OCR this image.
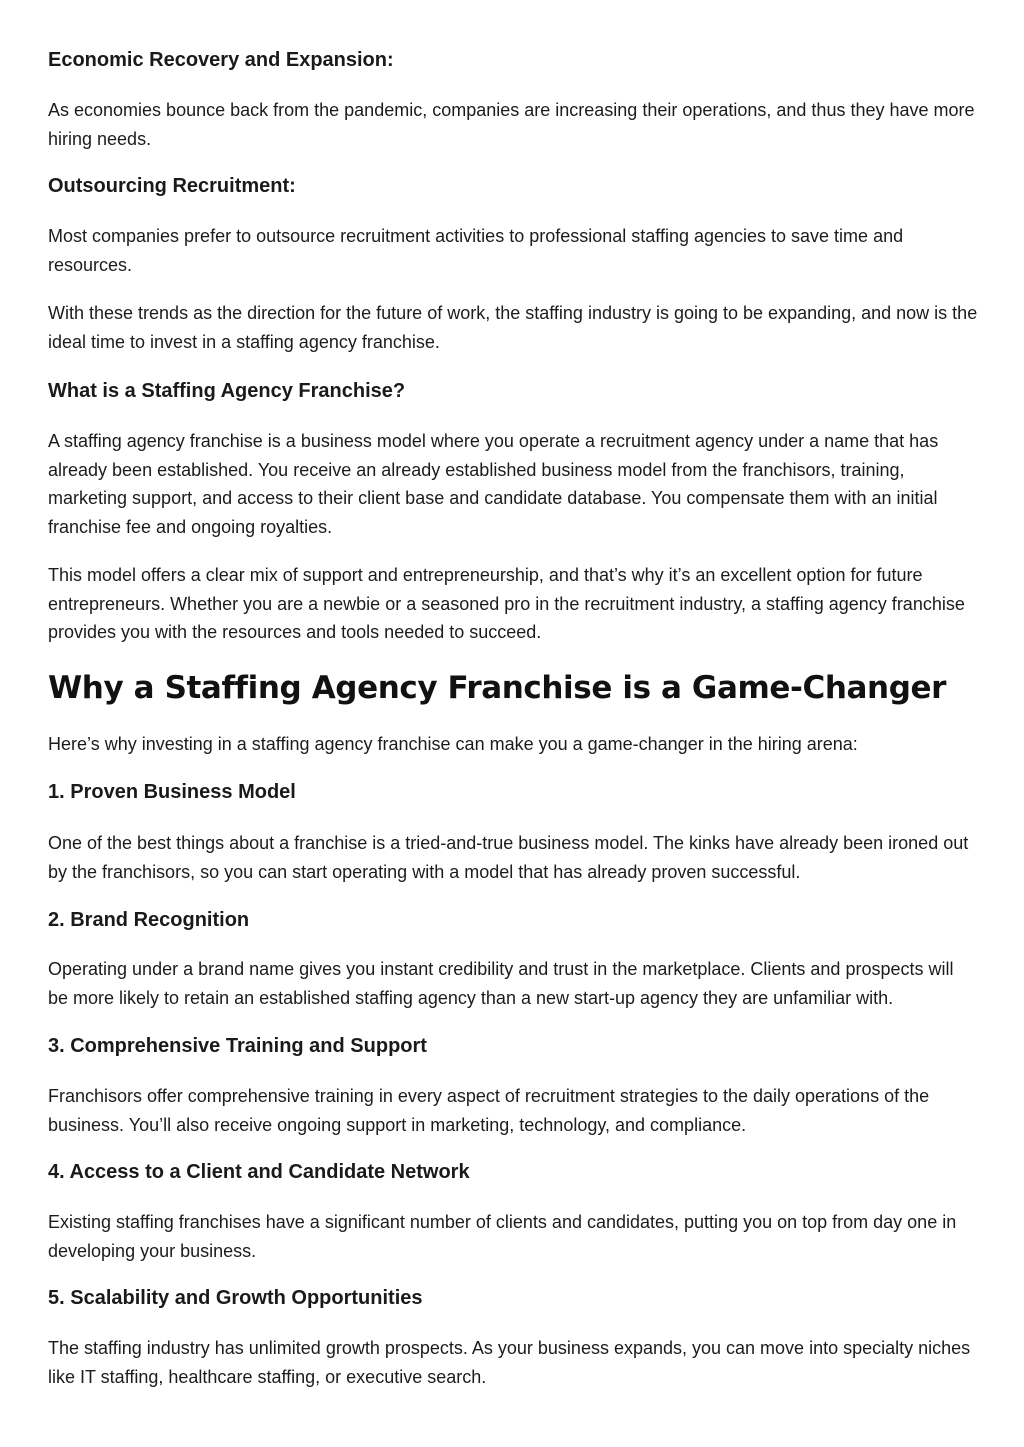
Economic Recovery and Expansion:

As economies bounce back from the pandemic, companies are increasing their operations, and thus they have more hiring needs.

Outsourcing Recruitment:

Most companies prefer to outsource recruitment activities to professional staffing agencies to save time and resources.

With these trends as the direction for the future of work, the staffing industry is going to be expanding, and now is the ideal time to invest in a staffing agency franchise.

What is a Staffing Agency Franchise?

A staffing agency franchise is a business model where you operate a recruitment agency under a name that has already been established. You receive an already established business model from the franchisors, training, marketing support, and access to their client base and candidate database. You compensate them with an initial franchise fee and ongoing royalties.

This model offers a clear mix of support and entrepreneurship, and that’s why it’s an excellent option for future entrepreneurs. Whether you are a newbie or a seasoned pro in the recruitment industry, a staffing agency franchise provides you with the resources and tools needed to succeed.

Why a Staffing Agency Franchise is a Game-Changer

Here’s why investing in a staffing agency franchise can make you a game-changer in the hiring arena:

1. Proven Business Model

One of the best things about a franchise is a tried-and-true business model. The kinks have already been ironed out by the franchisors, so you can start operating with a model that has already proven successful.

2. Brand Recognition

Operating under a brand name gives you instant credibility and trust in the marketplace. Clients and prospects will be more likely to retain an established staffing agency than a new start-up agency they are unfamiliar with.

3. Comprehensive Training and Support

Franchisors offer comprehensive training in every aspect of recruitment strategies to the daily operations of the business. You’ll also receive ongoing support in marketing, technology, and compliance.

4. Access to a Client and Candidate Network

Existing staffing franchises have a significant number of clients and candidates, putting you on top from day one in developing your business.

5. Scalability and Growth Opportunities

The staffing industry has unlimited growth prospects. As your business expands, you can move into specialty niches like IT staffing, healthcare staffing, or executive search.
